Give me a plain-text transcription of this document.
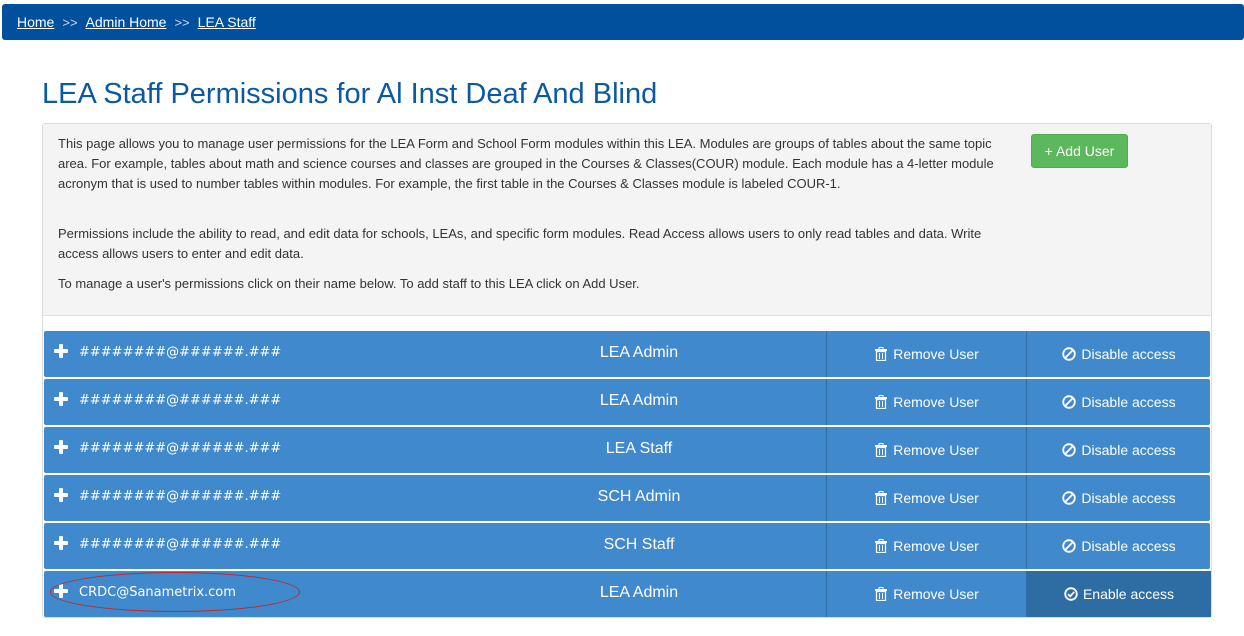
Home >> Admin Home >> LEA Staff
LEA Staff Permissions for Al Inst Deaf And Blind

This page allows you to manage user permissions for the LEA Form and School Form modules within this LEA. Modules are groups of tables about the same topic area. For example, tables about math and science courses and classes are grouped in the Courses & Classes(COUR) module. Each module has a 4-letter module acronym that is used to number tables within modules. For example, the first table in the Courses & Classes module is labeled COUR-1.

Permissions include the ability to read, and edit data for schools, LEAs, and specific form modules. Read Access allows users to only read tables and data. Write access allows users to enter and edit data.

To manage a user's permissions click on their name below. To add staff to this LEA click on Add User.

+ Add User
########@######.###	LEA Admin	Remove User	Disable access
########@######.###	LEA Admin	Remove User	Disable access
########@######.###	LEA Staff	Remove User	Disable access
########@######.###	SCH Admin	Remove User	Disable access
########@######.###	SCH Staff	Remove User	Disable access
CRDC@Sanametrix.com	LEA Admin	Remove User	Enable access
